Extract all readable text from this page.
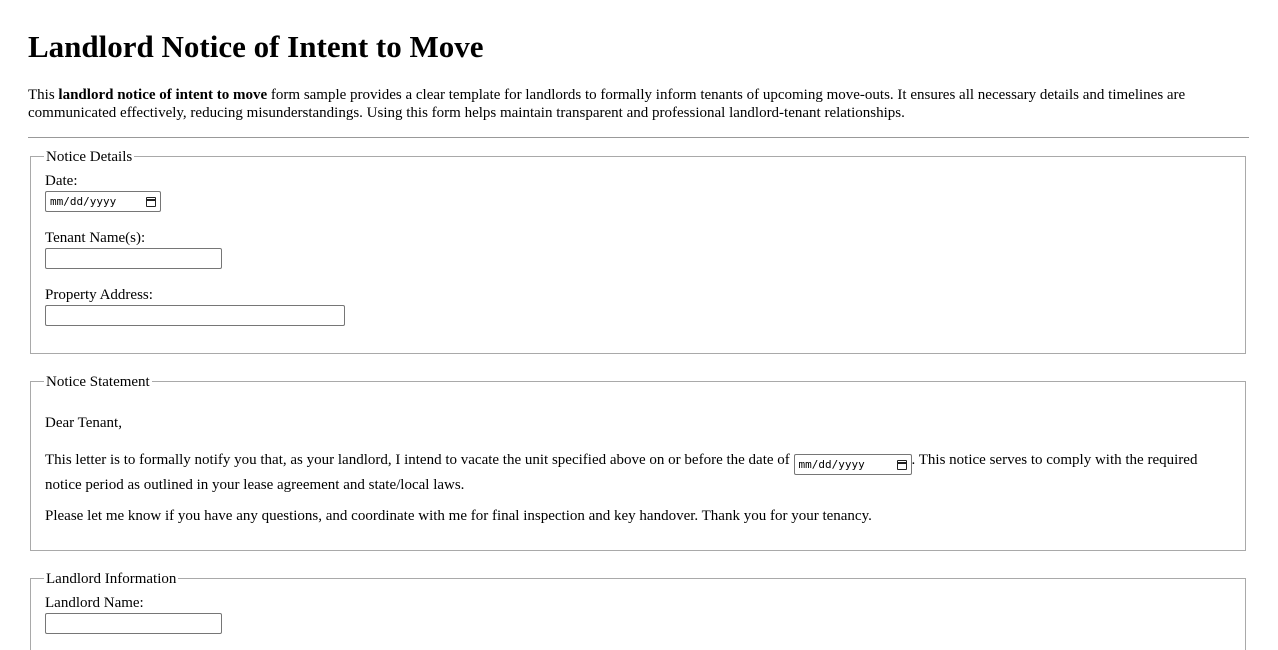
Landlord Notice of Intent to Move

This landlord notice of intent to move form sample provides a clear template for landlords to formally inform tenants of upcoming move-outs. It ensures all necessary details and timelines are communicated effectively, reducing misunderstandings. Using this form helps maintain transparent and professional landlord-tenant relationships.

Notice Details
Date:
mm/dd/yyyy
Tenant Name(s):
Property Address:
Notice Statement

Dear Tenant,

This letter is to formally notify you that, as your landlord, I intend to vacate the unit specified above on or before the date of mm/dd/yyyy	. This notice serves to comply with the required notice period as outlined in your lease agreement and state/local laws.

Please let me know if you have any questions, and coordinate with me for final inspection and key handover. Thank you for your tenancy.

Landlord Information
Landlord Name:
